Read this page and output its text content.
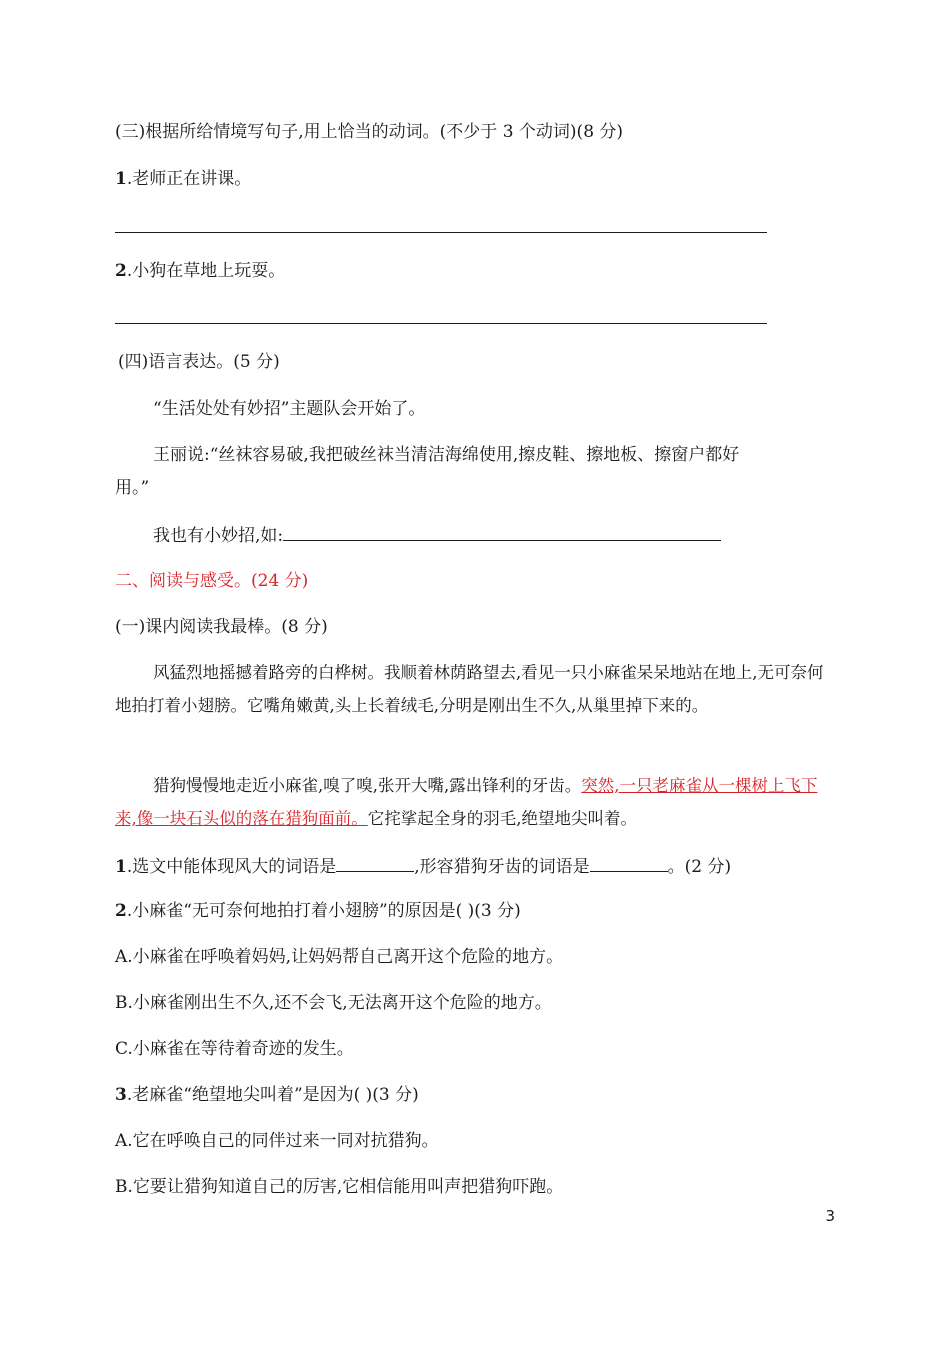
(三)根据所给情境写句子,用上恰当的动词。(不少于 3 个动词)(8 分)
1.老师正在讲课。
2.小狗在草地上玩耍。
(四)语言表达。(5 分)
“生活处处有妙招”主题队会开始了。
王丽说:“丝袜容易破,我把破丝袜当清洁海绵使用,擦皮鞋、擦地板、擦窗户都好
用。”
我也有小妙招,如:
二、阅读与感受。(24 分)
(一)课内阅读我最棒。(8 分)
风猛烈地摇撼着路旁的白桦树。我顺着林荫路望去,看见一只小麻雀呆呆地站在地上,无可奈何地拍打着小翅膀。它嘴角嫩黄,头上长着绒毛,分明是刚出生不久,从巢里掉下来的。
猎狗慢慢地走近小麻雀,嗅了嗅,张开大嘴,露出锋利的牙齿。突然,一只老麻雀从一棵树上飞下来,像一块石头似的落在猎狗面前。它挓挲起全身的羽毛,绝望地尖叫着。
1.选文中能体现风大的词语是	,形容猎狗牙齿的词语是	。(2 分)
2.小麻雀“无可奈何地拍打着小翅膀”的原因是( )(3 分)
A.小麻雀在呼唤着妈妈,让妈妈帮自己离开这个危险的地方。
B.小麻雀刚出生不久,还不会飞,无法离开这个危险的地方。
C.小麻雀在等待着奇迹的发生。
3.老麻雀“绝望地尖叫着”是因为( )(3 分)
A.它在呼唤自己的同伴过来一同对抗猎狗。
B.它要让猎狗知道自己的厉害,它相信能用叫声把猎狗吓跑。
3
